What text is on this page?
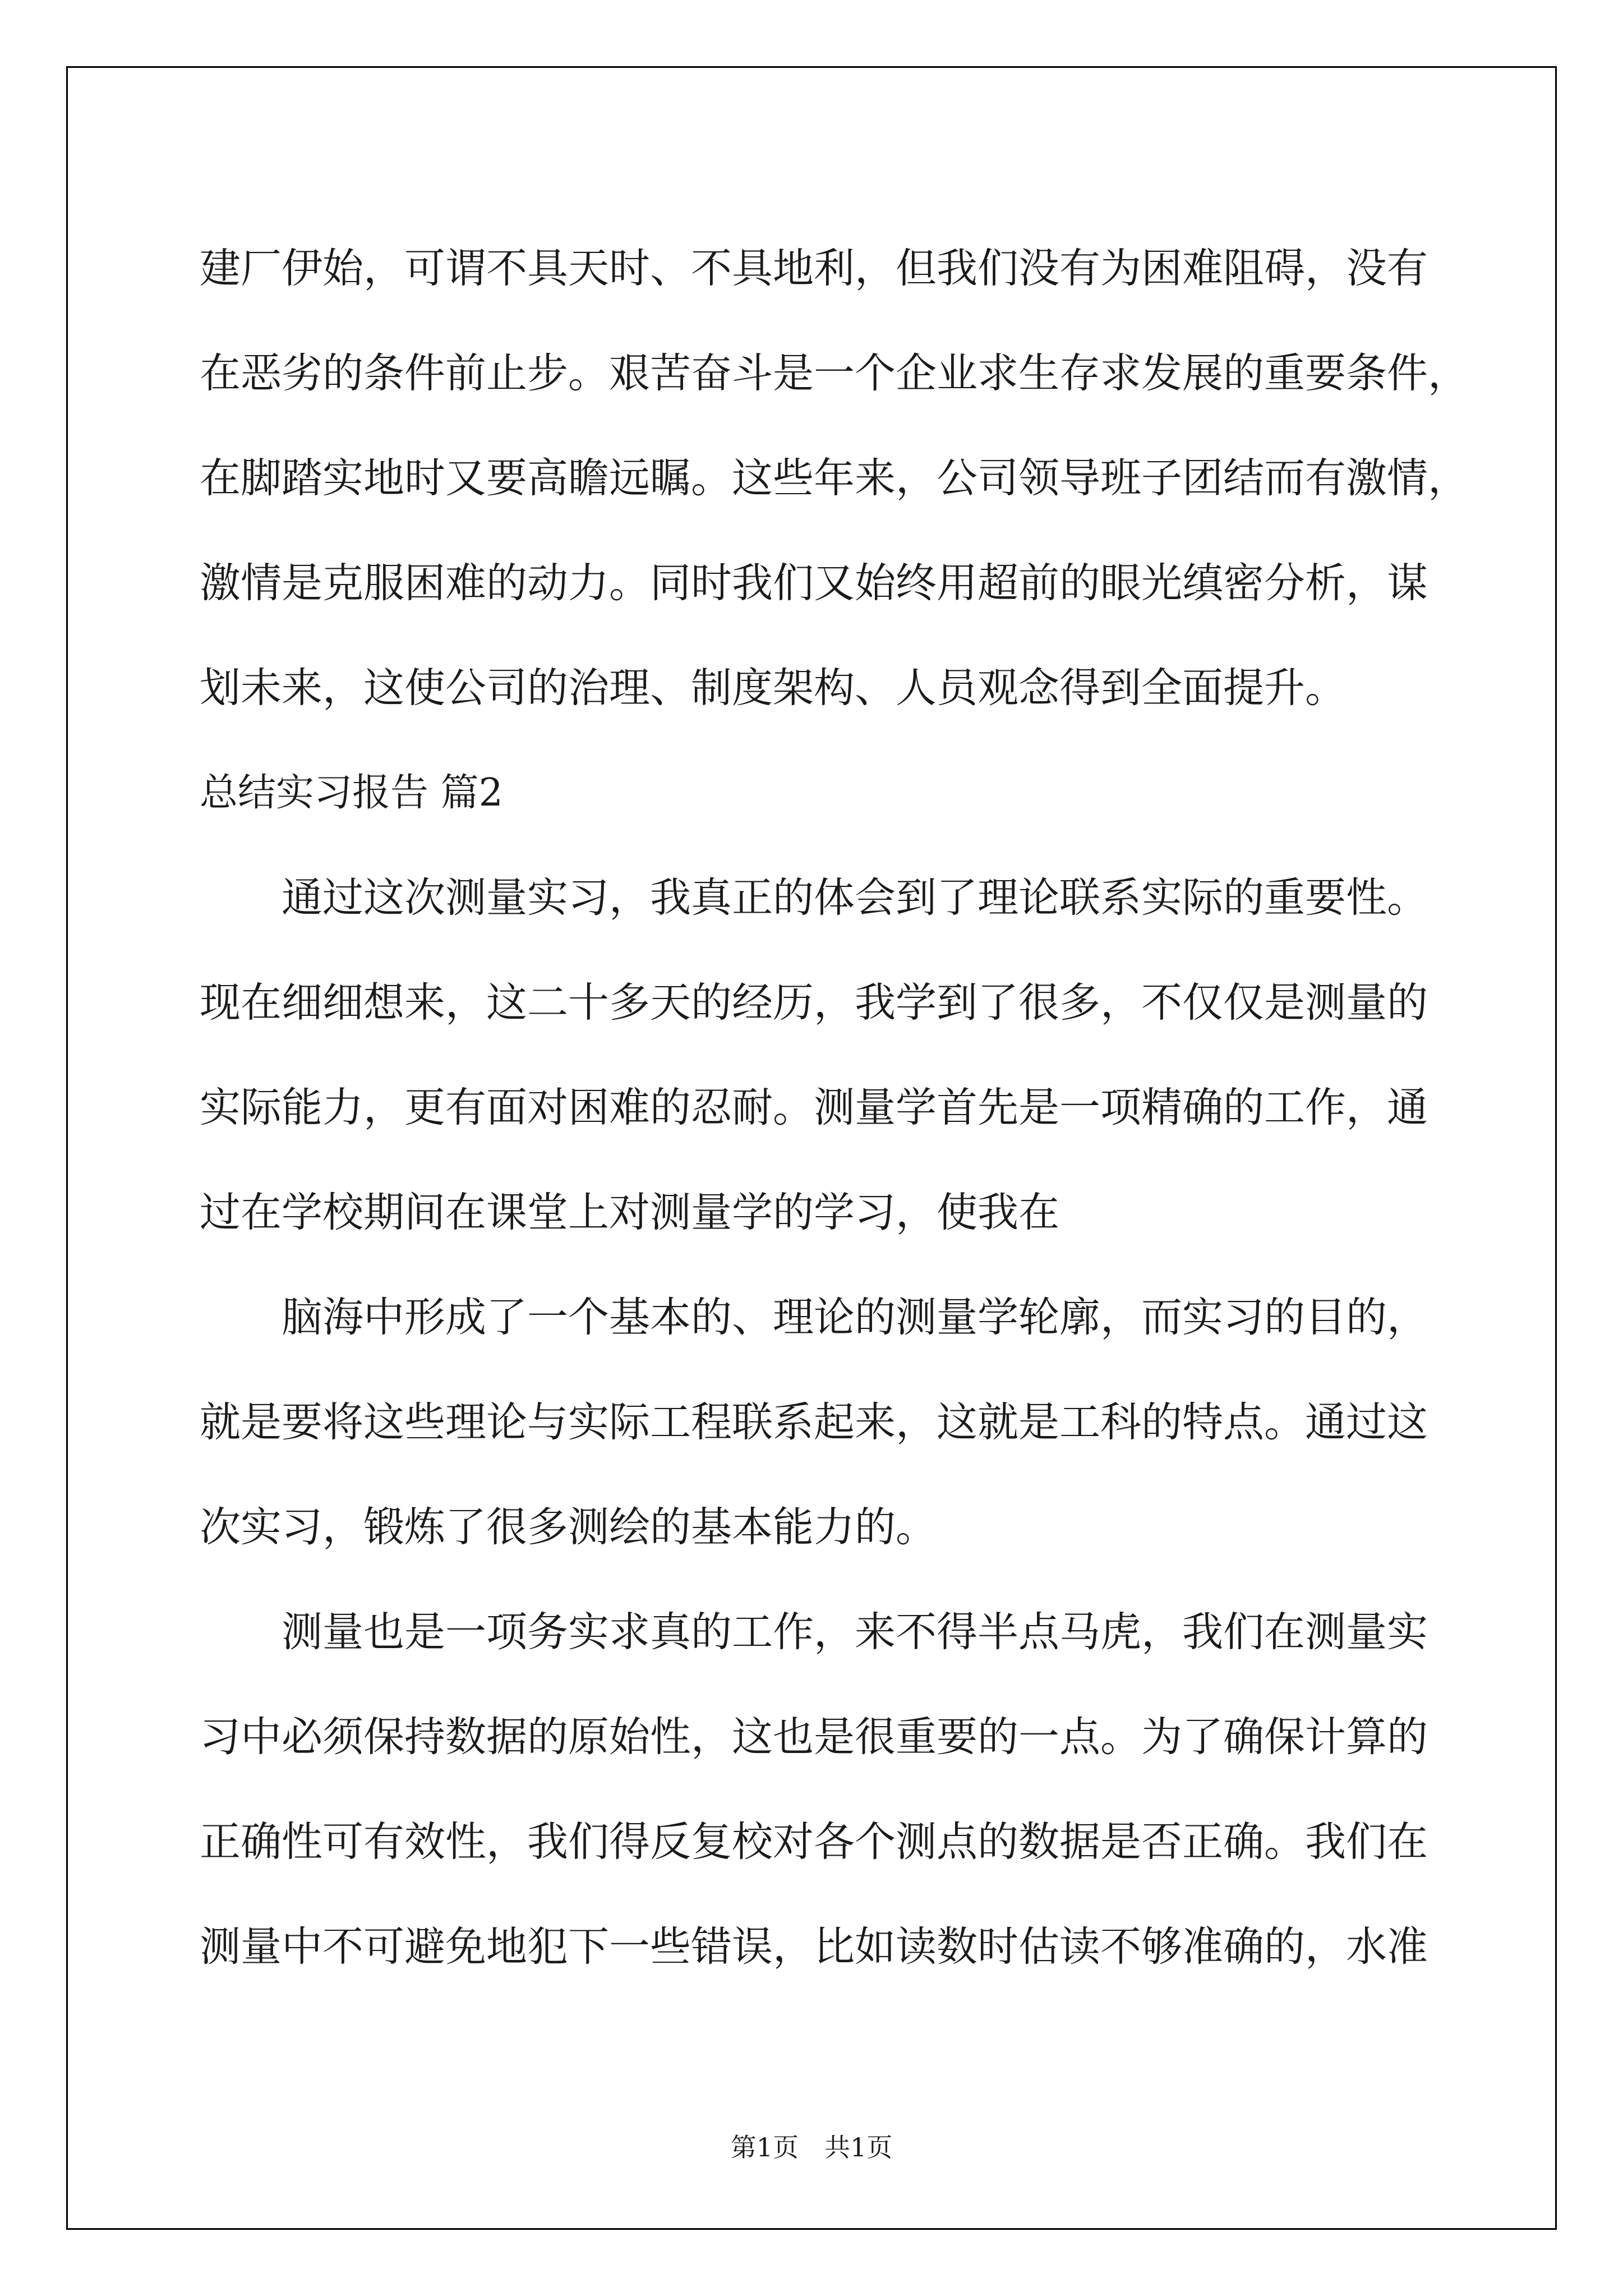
建厂伊始，可谓不具天时、不具地利，但我们没有为困难阻碍，没有
在恶劣的条件前止步。艰苦奋斗是一个企业求生存求发展的重要条件，
在脚踏实地时又要高瞻远瞩。这些年来，公司领导班子团结而有激情，
激情是克服困难的动力。同时我们又始终用超前的眼光缜密分析，谋
划未来，这使公司的治理、制度架构、人员观念得到全面提升。
总结实习报告 篇2
通过这次测量实习，我真正的体会到了理论联系实际的重要性。
现在细细想来，这二十多天的经历，我学到了很多，不仅仅是测量的
实际能力，更有面对困难的忍耐。测量学首先是一项精确的工作，通
过在学校期间在课堂上对测量学的学习，使我在
脑海中形成了一个基本的、理论的测量学轮廓，而实习的目的，
就是要将这些理论与实际工程联系起来，这就是工科的特点。通过这
次实习，锻炼了很多测绘的基本能力的。
测量也是一项务实求真的工作，来不得半点马虎，我们在测量实
习中必须保持数据的原始性，这也是很重要的一点。为了确保计算的
正确性可有效性，我们得反复校对各个测点的数据是否正确。我们在
测量中不可避免地犯下一些错误，比如读数时估读不够准确的，水准
第1页　共1页
